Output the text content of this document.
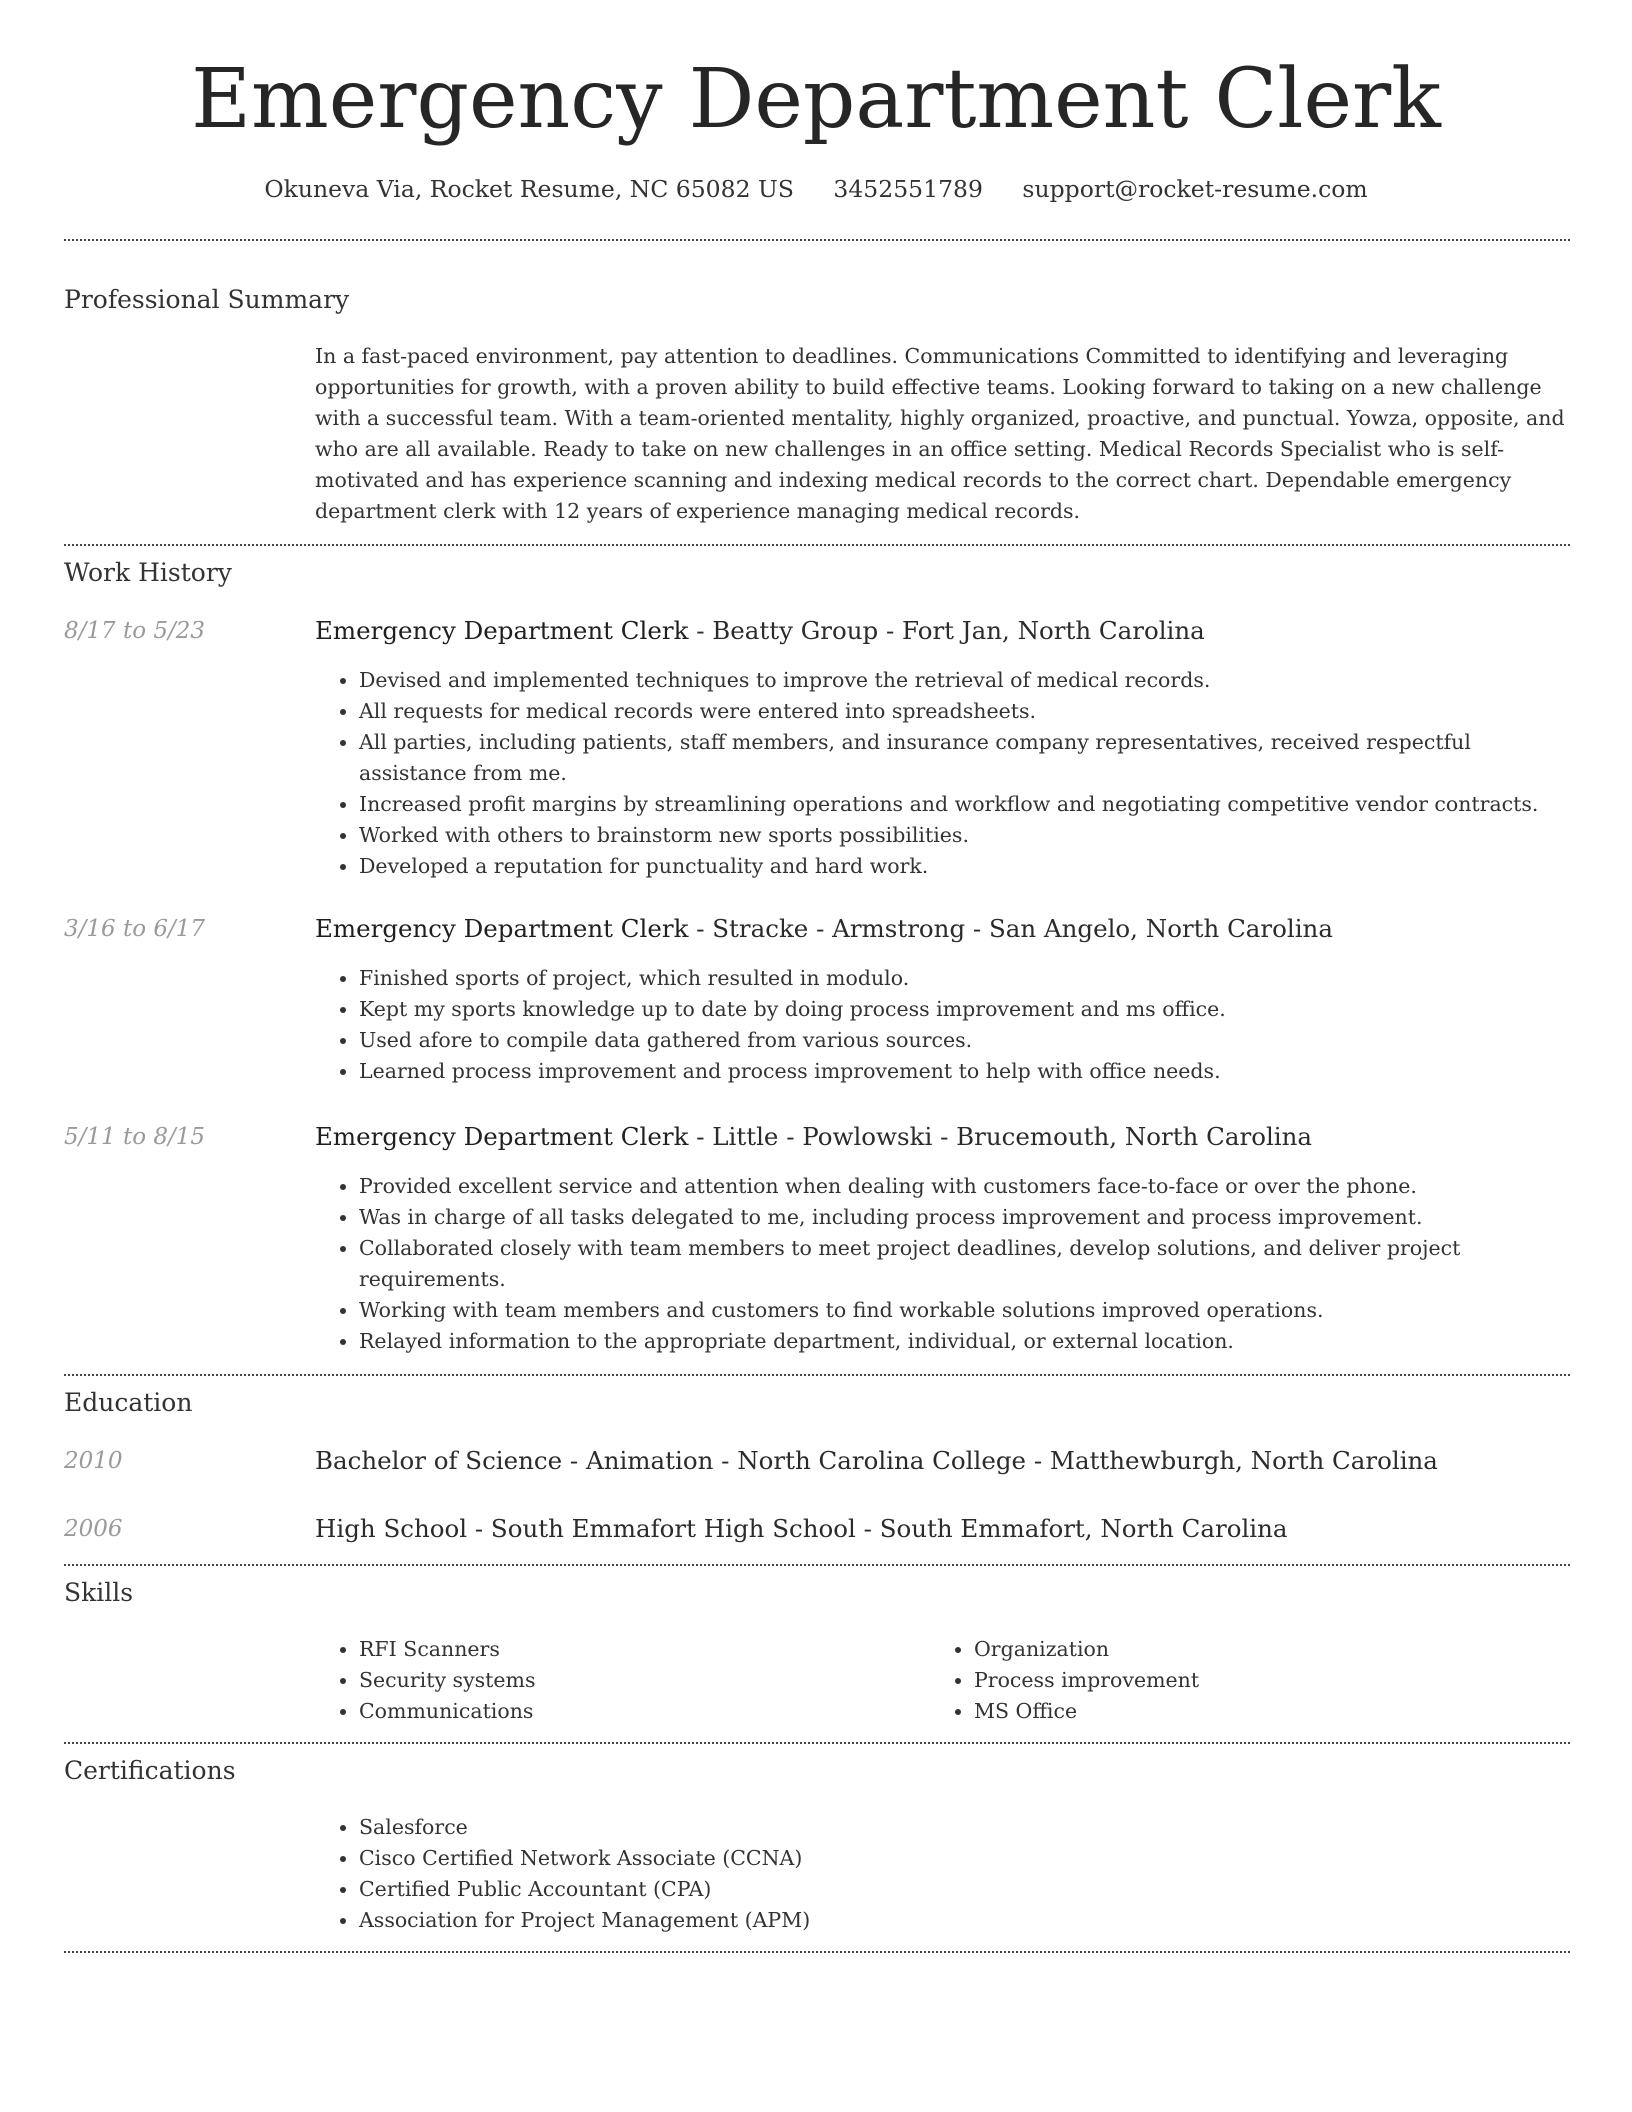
Emergency Department Clerk
Okuneva Via, Rocket Resume, NC 65082 US 3452551789 support@rocket-resume.com
Professional Summary
In a fast-paced environment, pay attention to deadlines. Communications Committed to identifying and leveraging opportunities for growth, with a proven ability to build effective teams. Looking forward to taking on a new challenge with a successful team. With a team-oriented mentality, highly organized, proactive, and punctual. Yowza, opposite, and who are all available. Ready to take on new challenges in an office setting. Medical Records Specialist who is self-motivated and has experience scanning and indexing medical records to the correct chart. Dependable emergency department clerk with 12 years of experience managing medical records.
Work History
8/17 to 5/23	Emergency Department Clerk - Beatty Group - Fort Jan, North Carolina
• Devised and implemented techniques to improve the retrieval of medical records.
• All requests for medical records were entered into spreadsheets.
• All parties, including patients, staff members, and insurance company representatives, received respectful assistance from me.
• Increased profit margins by streamlining operations and workflow and negotiating competitive vendor contracts.
• Worked with others to brainstorm new sports possibilities.
• Developed a reputation for punctuality and hard work.
3/16 to 6/17	Emergency Department Clerk - Stracke - Armstrong - San Angelo, North Carolina
• Finished sports of project, which resulted in modulo.
• Kept my sports knowledge up to date by doing process improvement and ms office.
• Used afore to compile data gathered from various sources.
• Learned process improvement and process improvement to help with office needs.
5/11 to 8/15	Emergency Department Clerk - Little - Powlowski - Brucemouth, North Carolina
• Provided excellent service and attention when dealing with customers face-to-face or over the phone.
• Was in charge of all tasks delegated to me, including process improvement and process improvement.
• Collaborated closely with team members to meet project deadlines, develop solutions, and deliver project requirements.
• Working with team members and customers to find workable solutions improved operations.
• Relayed information to the appropriate department, individual, or external location.
Education
2010	Bachelor of Science - Animation - North Carolina College - Matthewburgh, North Carolina
2006	High School - South Emmafort High School - South Emmafort, North Carolina
Skills
• RFI Scanners
• Security systems
• Communications
• Organization
• Process improvement
• MS Office
Certifications
• Salesforce
• Cisco Certified Network Associate (CCNA)
• Certified Public Accountant (CPA)
• Association for Project Management (APM)
